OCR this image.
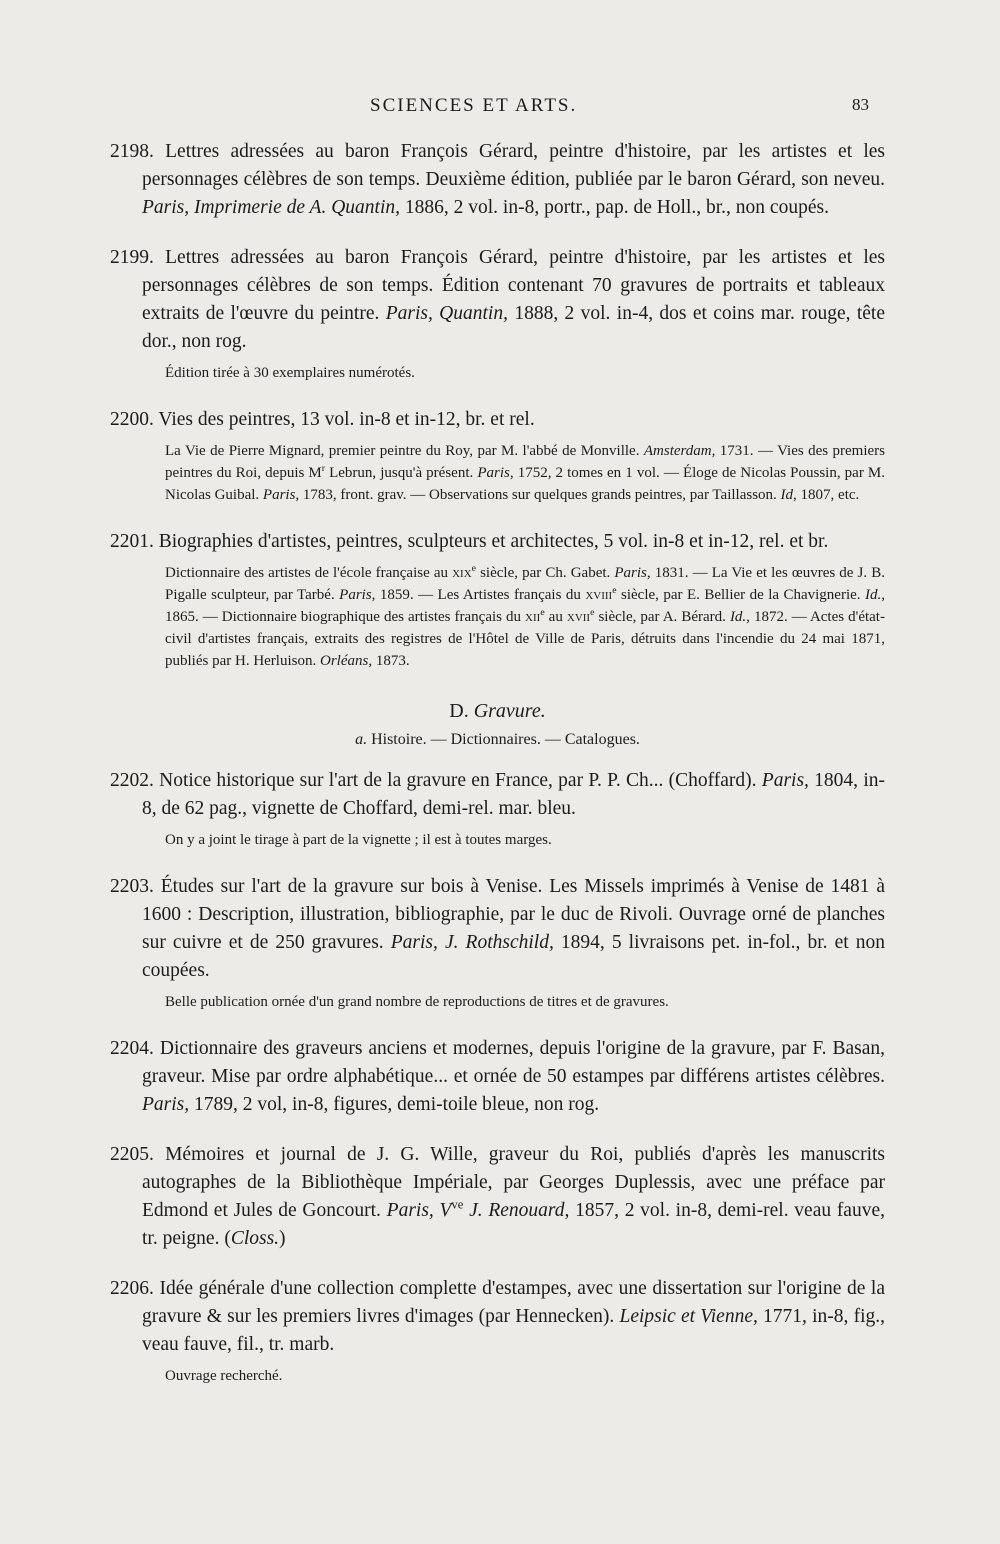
SCIENCES ET ARTS.	83
2198. Lettres adressées au baron François Gérard, peintre d'histoire, par les artistes et les personnages célèbres de son temps. Deuxième édition, publiée par le baron Gérard, son neveu. Paris, Imprimerie de A. Quantin, 1886, 2 vol. in-8, portr., pap. de Holl., br., non coupés.
2199. Lettres adressées au baron François Gérard, peintre d'histoire, par les artistes et les personnages célèbres de son temps. Édition contenant 70 gravures de portraits et tableaux extraits de l'œuvre du peintre. Paris, Quantin, 1888, 2 vol. in-4, dos et coins mar. rouge, tête dor., non rog.
Édition tirée à 30 exemplaires numérotés.
2200. Vies des peintres, 13 vol. in-8 et in-12, br. et rel.
La Vie de Pierre Mignard, premier peintre du Roy, par M. l'abbé de Monville. Amsterdam, 1731. — Vies des premiers peintres du Roi, depuis $M^r$ Lebrun, jusqu'à présent. Paris, 1752, 2 tomes en 1 vol. — Éloge de Nicolas Poussin, par M. Nicolas Guibal. Paris, 1783, front. grav. — Observations sur quelques grands peintres, par Taillasson. Id, 1807, etc.
2201. Biographies d'artistes, peintres, sculpteurs et architectes, 5 vol. in-8 et in-12, rel. et br.
Dictionnaire des artistes de l'école française au xix$^e$ siècle, par Ch. Gabet. Paris, 1831. — La Vie et les œuvres de J. B. Pigalle sculpteur, par Tarbé. Paris, 1859. — Les Artistes français du xviii$^e$ siècle, par E. Bellier de la Chavignerie. Id., 1865. — Dictionnaire biographique des artistes français du xii$^e$ au xvii$^e$ siècle, par A. Bérard. Id., 1872. — Actes d'état-civil d'artistes français, extraits des registres de l'Hôtel de Ville de Paris, détruits dans l'incendie du 24 mai 1871, publiés par H. Herluison. Orléans, 1873.
D. Gravure.
a. Histoire. — Dictionnaires. — Catalogues.
2202. Notice historique sur l'art de la gravure en France, par P. P. Ch... (Choffard). Paris, 1804, in-8, de 62 pag., vignette de Choffard, demi-rel. mar. bleu.
On y a joint le tirage à part de la vignette ; il est à toutes marges.
2203. Études sur l'art de la gravure sur bois à Venise. Les Missels imprimés à Venise de 1481 à 1600 : Description, illustration, bibliographie, par le duc de Rivoli. Ouvrage orné de planches sur cuivre et de 250 gravures. Paris, J. Rothschild, 1894, 5 livraisons pet. in-fol., br. et non coupées.
Belle publication ornée d'un grand nombre de reproductions de titres et de gravures.
2204. Dictionnaire des graveurs anciens et modernes, depuis l'origine de la gravure, par F. Basan, graveur. Mise par ordre alphabétique... et ornée de 50 estampes par différens artistes célèbres. Paris, 1789, 2 vol, in-8, figures, demi-toile bleue, non rog.
2205. Mémoires et journal de J. G. Wille, graveur du Roi, publiés d'après les manuscrits autographes de la Bibliothèque Impériale, par Georges Duplessis, avec une préface par Edmond et Jules de Goncourt. Paris, $V^{ve}$ J. Renouard, 1857, 2 vol. in-8, demi-rel. veau fauve, tr. peigne. (Closs.)
2206. Idée générale d'une collection complette d'estampes, avec une dissertation sur l'origine de la gravure & sur les premiers livres d'images (par Hennecken). Leipsic et Vienne, 1771, in-8, fig., veau fauve, fil., tr. marb.
Ouvrage recherché.
